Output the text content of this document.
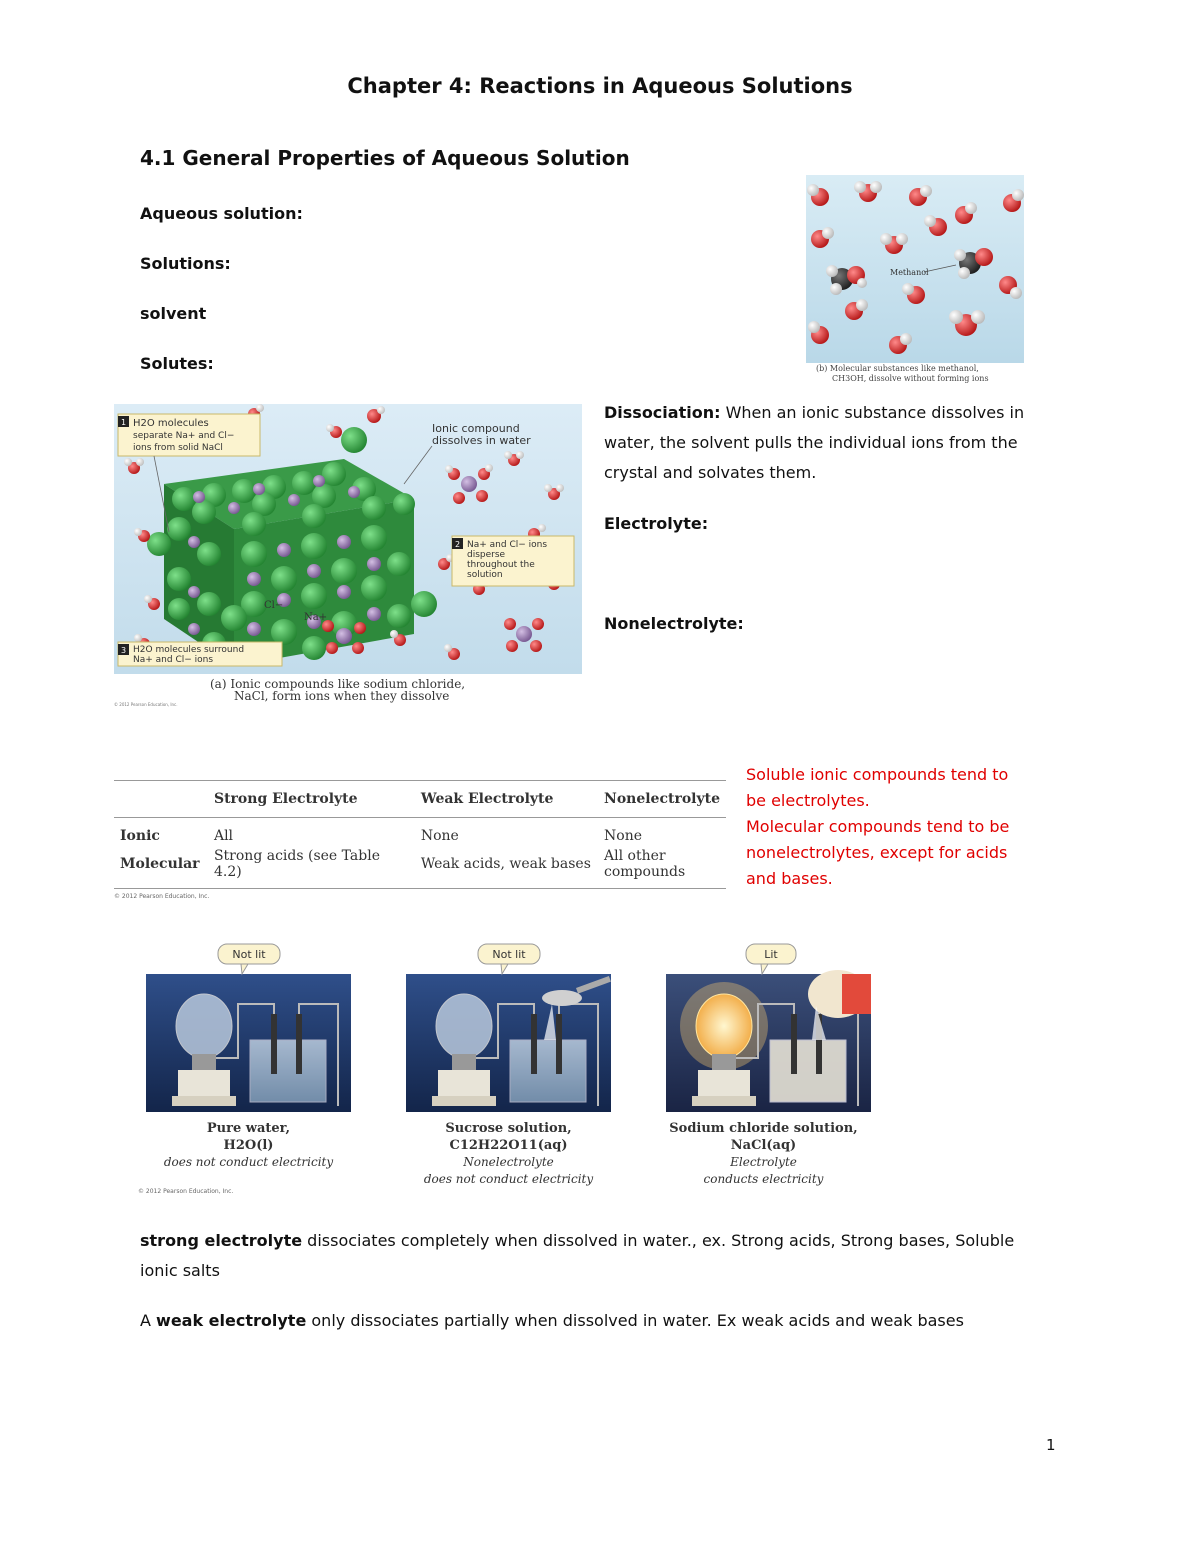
Chapter 4: Reactions in Aqueous Solutions
4.1 General Properties of Aqueous Solution
Aqueous solution:
Solutions:
solvent
Solutes:
Methanol
(b) Molecular substances like methanol,
CH3OH, dissolve without forming ions
1 H2O molecules
separate Na+ and Cl−
ions from solid NaCl
Ionic compound
dissolves in water
2 Na+ and Cl− ions
disperse
throughout the
solution
Cl−
Na+
3 H2O molecules surround
Na+ and Cl− ions
(a) Ionic compounds like sodium chloride,
NaCl, form ions when they dissolve
© 2012 Pearson Education, Inc.
Dissociation: When an ionic substance dissolves in water, the solvent pulls the individual ions from the crystal and solvates them.
Electrolyte:
Nonelectrolyte:
	Strong Electrolyte	Weak Electrolyte	Nonelectrolyte
Ionic	All	None	None
Molecular	Strong acids (see Table 4.2)	Weak acids, weak bases	All other compounds
© 2012 Pearson Education, Inc.
Soluble ionic compounds tend to
be electrolytes.
Molecular compounds tend to be
nonelectrolytes, except for acids
and bases.
Not lit	Not lit	Lit
Pure water,
H2O(l)
does not conduct electricity
Sucrose solution,
C12H22O11(aq)
Nonelectrolyte
does not conduct electricity
Sodium chloride solution,
NaCl(aq)
Electrolyte
conducts electricity
© 2012 Pearson Education, Inc.
strong electrolyte dissociates completely when dissolved in water., ex. Strong acids, Strong bases, Soluble ionic salts
A weak electrolyte only dissociates partially when dissolved in water. Ex weak acids and weak bases
1
